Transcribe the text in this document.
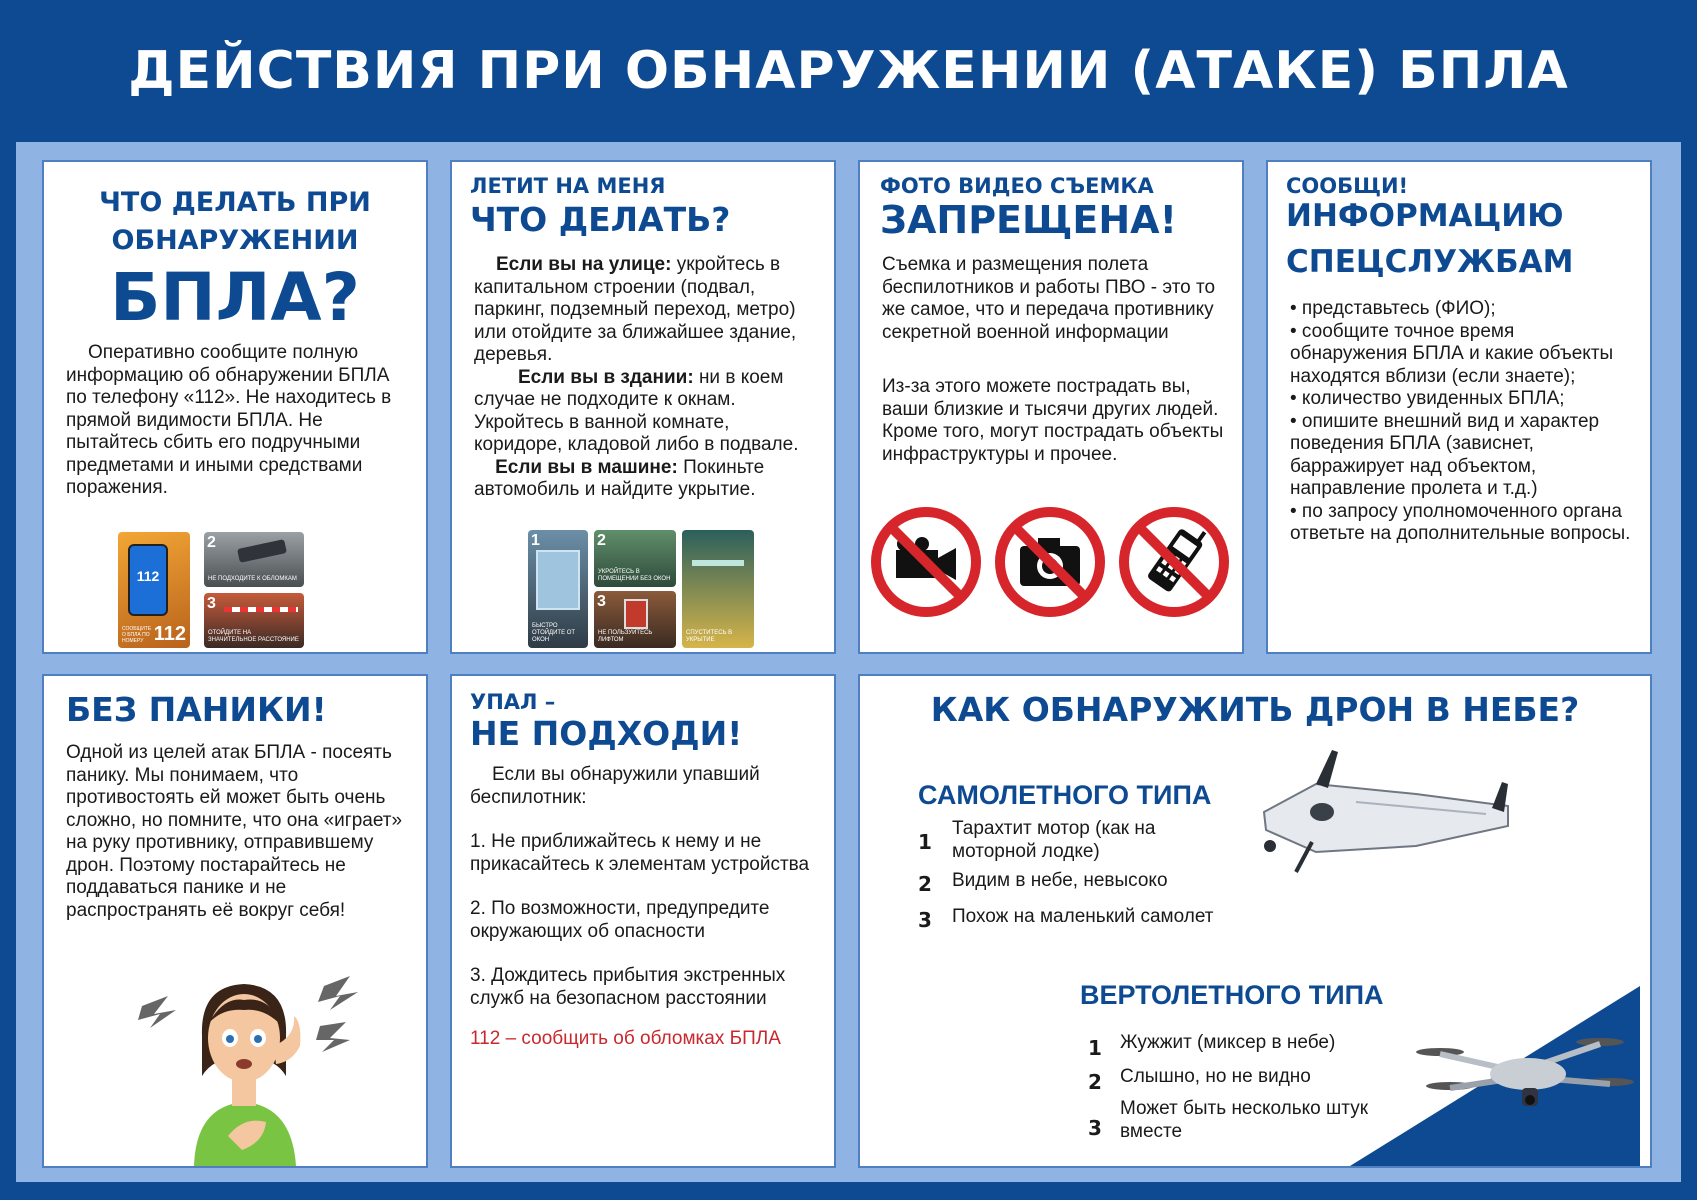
ДЕЙСТВИЯ ПРИ ОБНАРУЖЕНИИ (АТАКЕ) БПЛА
ЧТО ДЕЛАТЬ ПРИ
ОБНАРУЖЕНИИ
БПЛА?
Оперативно сообщите полную информацию об обнаружении БПЛА по телефону «112». Не находитесь в прямой видимости БПЛА. Не пытайтесь сбить его подручными предметами и иными средствами поражения.
112
СООБЩИТЕ О БПЛА ПО НОМЕРУ 112
2
НЕ ПОДХОДИТЕ К ОБЛОМКАМ
3
ОТОЙДИТЕ НА ЗНАЧИТЕЛЬНОЕ РАССТОЯНИЕ
ЛЕТИТ НА МЕНЯ
ЧТО ДЕЛАТЬ?
Если вы на улице: укройтесь в капитальном строении (подвал, паркинг, подземный переход, метро) или отойдите за ближайшее здание, деревья.
Если вы в здании: ни в коем случае не подходите к окнам. Укройтесь в ванной комнате, коридоре, кладовой либо в подвале.
Если вы в машине: Покиньте автомобиль и найдите укрытие.
1
БЫСТРО ОТОЙДИТЕ ОТ ОКОН
2
УКРОЙТЕСЬ В ПОМЕЩЕНИИ БЕЗ ОКОН
3
НЕ ПОЛЬЗУЙТЕСЬ ЛИФТОМ
СПУСТИТЕСЬ В УКРЫТИЕ
ФОТО ВИДЕО СЪЕМКА
ЗАПРЕЩЕНА!
Съемка и размещения полета беспилотников и работы ПВО - это то же самое, что и передача противнику секретной военной информации
Из-за этого можете пострадать вы, ваши близкие и тысячи других людей. Кроме того, могут пострадать объекты инфраструктуры и прочее.
СООБЩИ!
ИНФОРМАЦИЮ
СПЕЦСЛУЖБАМ
• представьтесь (ФИО);
• сообщите точное время обнаружения БПЛА и какие объекты находятся вблизи (если знаете);
• количество увиденных БПЛА;
• опишите внешний вид и характер поведения БПЛА (зависнет, барражирует над объектом, направление пролета и т.д.)
• по запросу уполномоченного органа ответьте на дополнительные вопросы.
БЕЗ ПАНИКИ!
Одной из целей атак БПЛА - посеять панику. Мы понимаем, что противостоять ей может быть очень сложно, но помните, что она «играет» на руку противнику, отправившему дрон. Поэтому постарайтесь не поддаваться панике и не распространять её вокруг себя!
УПАЛ –
НЕ ПОДХОДИ!
Если вы обнаружили упавший беспилотник:
1. Не приближайтесь к нему и не прикасайтесь к элементам устройства
2. По возможности, предупредите окружающих об опасности
3. Дождитесь прибытия экстренных служб на безопасном расстоянии
112 – сообщить об обломках БПЛА
КАК ОБНАРУЖИТЬ ДРОН В НЕБЕ?
САМОЛЕТНОГО ТИПА
1
Тарахтит мотор (как на моторной лодке)
2 Видим в небе, невысоко
3 Похож на маленький самолет
ВЕРТОЛЕТНОГО ТИПА
1 Жужжит (миксер в небе)
2 Слышно, но не видно
3
Может быть несколько штук вместе
